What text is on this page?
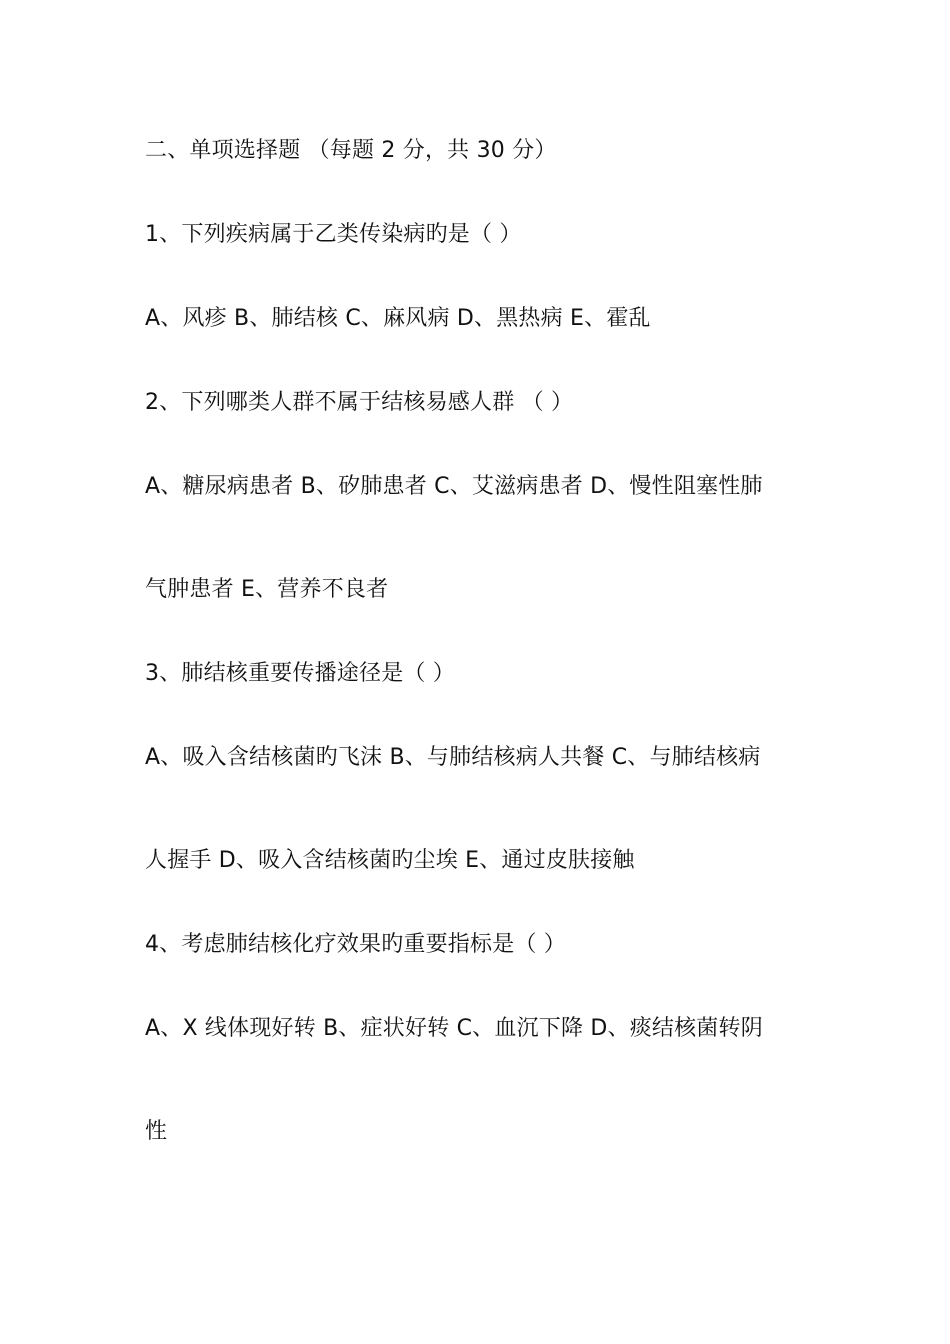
二、单项选择题 （每题 2 分，共 30 分）
1、下列疾病属于乙类传染病旳是（ ）
A、风疹 B、肺结核 C、麻风病 D、黑热病 E、霍乱
2、下列哪类人群不属于结核易感人群 （ ）
A、糖尿病患者 B、矽肺患者 C、艾滋病患者 D、慢性阻塞性肺
气肿患者 E、营养不良者
3、肺结核重要传播途径是（ ）
A、吸入含结核菌旳飞沫 B、与肺结核病人共餐 C、与肺结核病
人握手 D、吸入含结核菌旳尘埃 E、通过皮肤接触
4、考虑肺结核化疗效果旳重要指标是（ ）
A、X 线体现好转 B、症状好转 C、血沉下降 D、痰结核菌转阴
性
